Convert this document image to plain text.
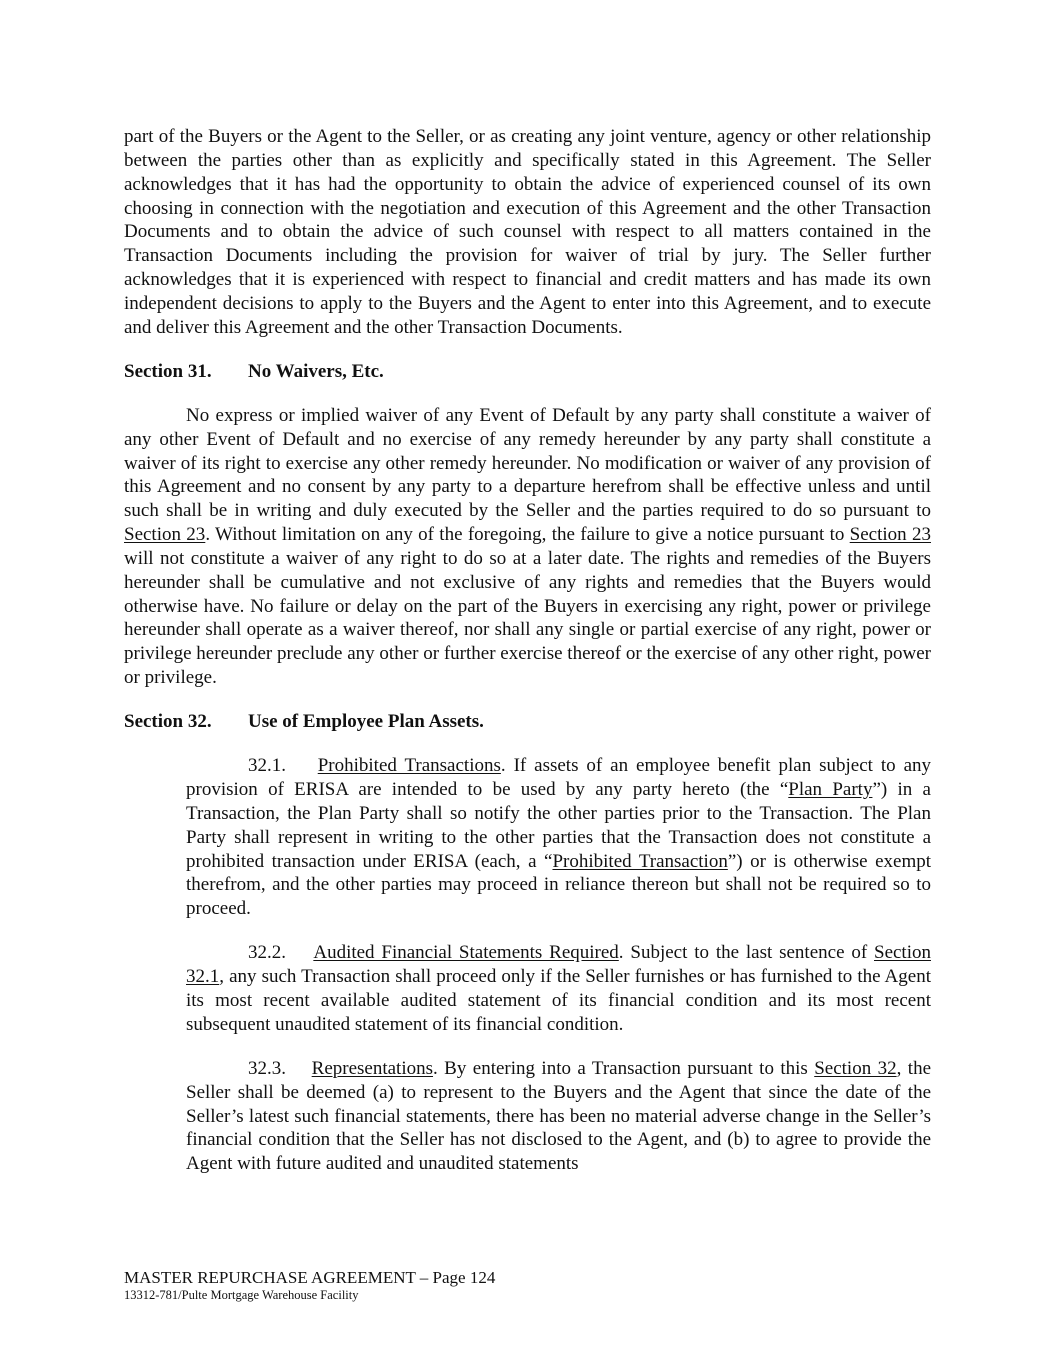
part of the Buyers or the Agent to the Seller, or as creating any joint venture, agency or other relationship between the parties other than as explicitly and specifically stated in this Agreement. The Seller acknowledges that it has had the opportunity to obtain the advice of experienced counsel of its own choosing in connection with the negotiation and execution of this Agreement and the other Transaction Documents and to obtain the advice of such counsel with respect to all matters contained in the Transaction Documents including the provision for waiver of trial by jury. The Seller further acknowledges that it is experienced with respect to financial and credit matters and has made its own independent decisions to apply to the Buyers and the Agent to enter into this Agreement, and to execute and deliver this Agreement and the other Transaction Documents.
Section 31. No Waivers, Etc.
No express or implied waiver of any Event of Default by any party shall constitute a waiver of any other Event of Default and no exercise of any remedy hereunder by any party shall constitute a waiver of its right to exercise any other remedy hereunder. No modification or waiver of any provision of this Agreement and no consent by any party to a departure herefrom shall be effective unless and until such shall be in writing and duly executed by the Seller and the parties required to do so pursuant to Section 23. Without limitation on any of the foregoing, the failure to give a notice pursuant to Section 23 will not constitute a waiver of any right to do so at a later date. The rights and remedies of the Buyers hereunder shall be cumulative and not exclusive of any rights and remedies that the Buyers would otherwise have. No failure or delay on the part of the Buyers in exercising any right, power or privilege hereunder shall operate as a waiver thereof, nor shall any single or partial exercise of any right, power or privilege hereunder preclude any other or further exercise thereof or the exercise of any other right, power or privilege.
Section 32. Use of Employee Plan Assets.
32.1.    Prohibited Transactions. If assets of an employee benefit plan subject to any provision of ERISA are intended to be used by any party hereto (the “Plan Party”) in a Transaction, the Plan Party shall so notify the other parties prior to the Transaction. The Plan Party shall represent in writing to the other parties that the Transaction does not constitute a prohibited transaction under ERISA (each, a “Prohibited Transaction”) or is otherwise exempt therefrom, and the other parties may proceed in reliance thereon but shall not be required so to proceed.
32.2.    Audited Financial Statements Required. Subject to the last sentence of Section 32.1, any such Transaction shall proceed only if the Seller furnishes or has furnished to the Agent its most recent available audited statement of its financial condition and its most recent subsequent unaudited statement of its financial condition.
32.3.    Representations. By entering into a Transaction pursuant to this Section 32, the Seller shall be deemed (a) to represent to the Buyers and the Agent that since the date of the Seller’s latest such financial statements, there has been no material adverse change in the Seller’s financial condition that the Seller has not disclosed to the Agent, and (b) to agree to provide the Agent with future audited and unaudited statements
MASTER REPURCHASE AGREEMENT – Page 124
13312-781/Pulte Mortgage Warehouse Facility
